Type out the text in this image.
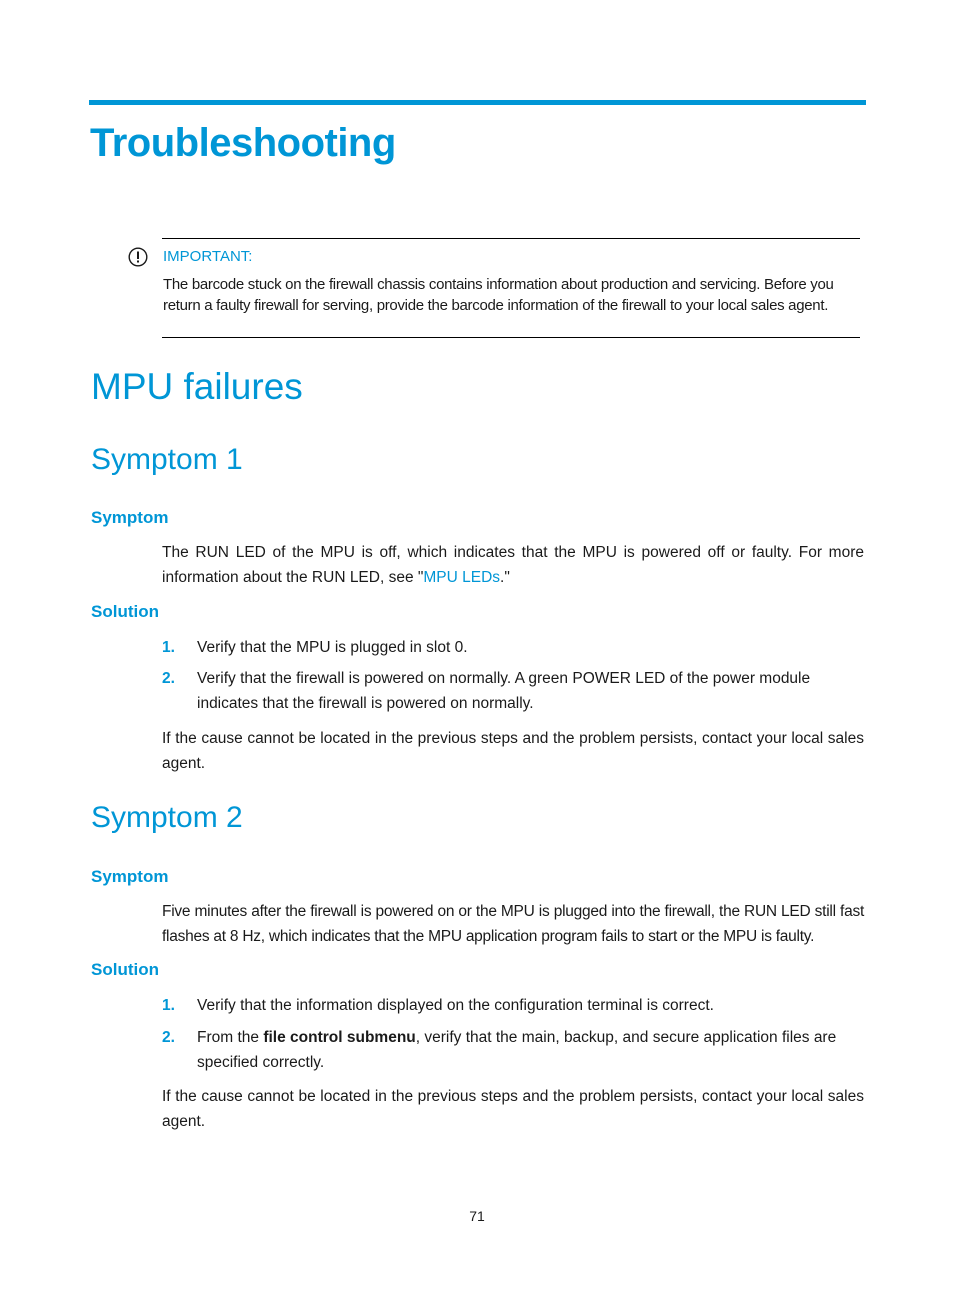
Troubleshooting
IMPORTANT:
The barcode stuck on the firewall chassis contains information about production and servicing. Before you return a faulty firewall for serving, provide the barcode information of the firewall to your local sales agent.
MPU failures
Symptom 1
Symptom
The RUN LED of the MPU is off, which indicates that the MPU is powered off or faulty. For more information about the RUN LED, see "MPU LEDs."
Solution
1. Verify that the MPU is plugged in slot 0.
2. Verify that the firewall is powered on normally. A green POWER LED of the power module indicates that the firewall is powered on normally.
If the cause cannot be located in the previous steps and the problem persists, contact your local sales agent.
Symptom 2
Symptom
Five minutes after the firewall is powered on or the MPU is plugged into the firewall, the RUN LED still fast flashes at 8 Hz, which indicates that the MPU application program fails to start or the MPU is faulty.
Solution
1. Verify that the information displayed on the configuration terminal is correct.
2. From the file control submenu, verify that the main, backup, and secure application files are specified correctly.
If the cause cannot be located in the previous steps and the problem persists, contact your local sales agent.
71
